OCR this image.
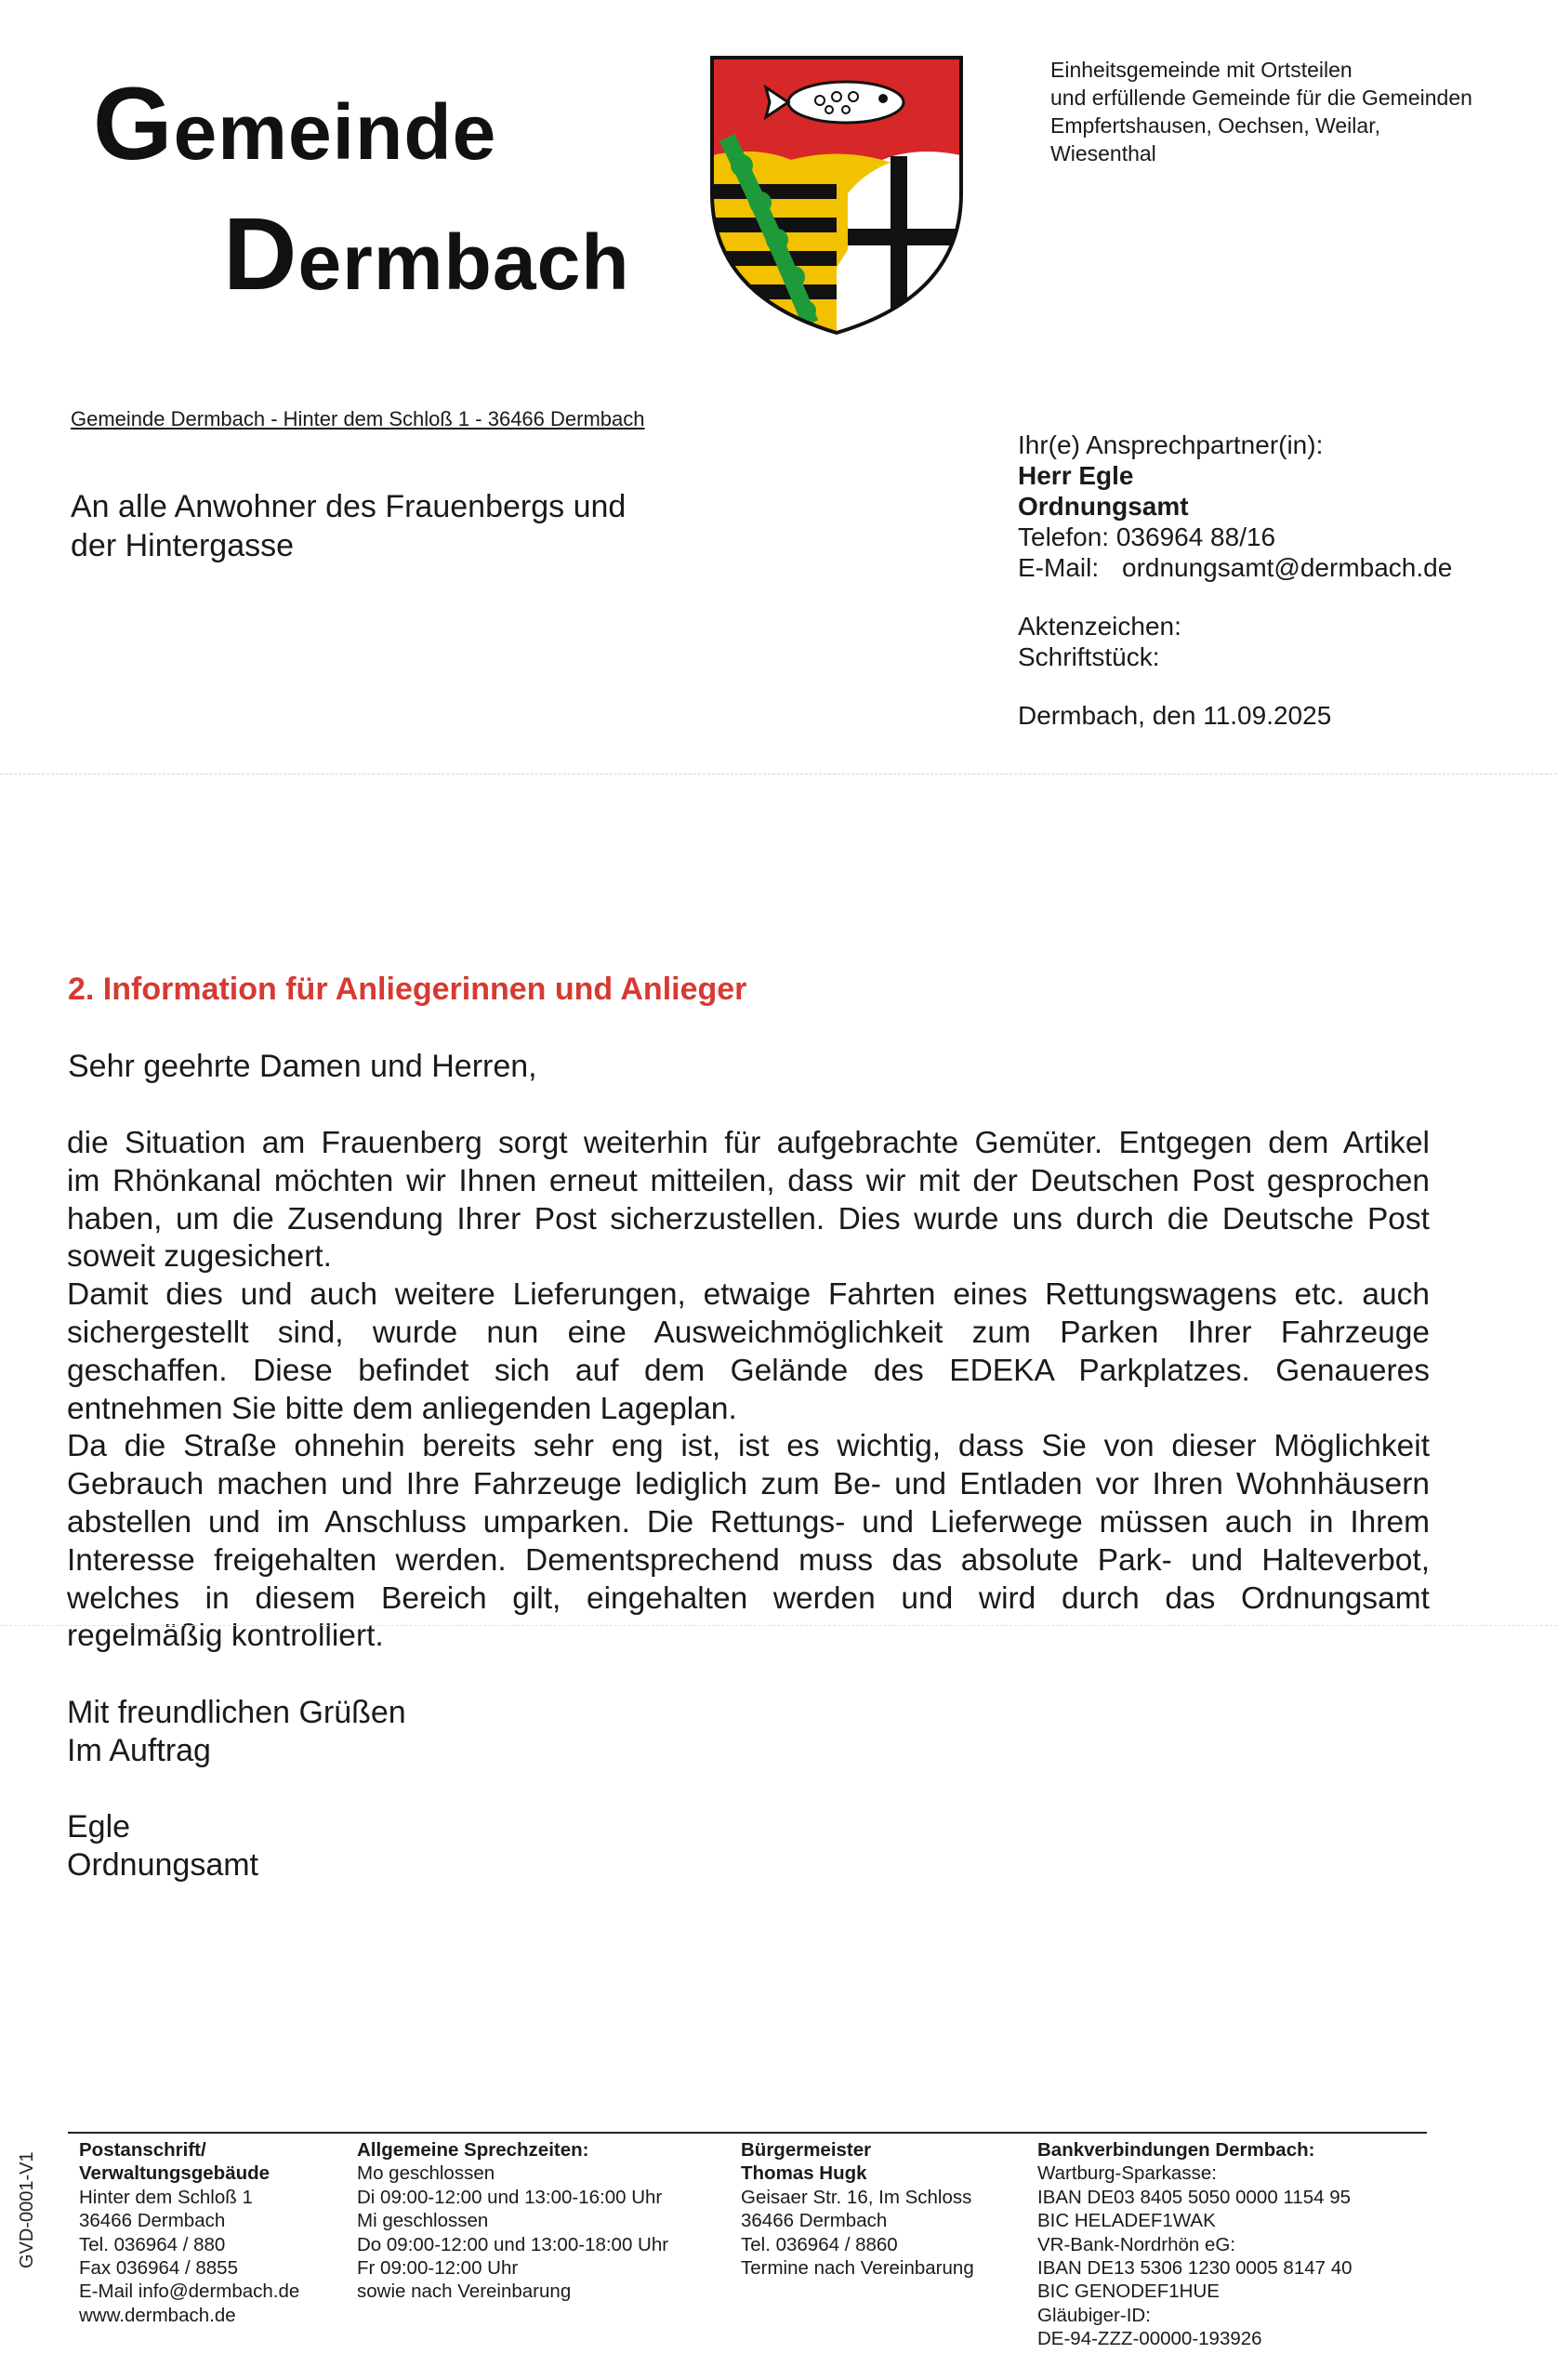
Gemeinde
Dermbach
Einheitsgemeinde mit Ortsteilen
und erfüllende Gemeinde für die Gemeinden
Empfertshausen, Oechsen, Weilar,
Wiesenthal
Gemeinde Dermbach - Hinter dem Schloß 1 - 36466 Dermbach
An alle Anwohner des Frauenbergs und
der Hintergasse
Ihr(e) Ansprechpartner(in):
Herr Egle
Ordnungsamt
Telefon: 036964 88/16
E-Mail: ordnungsamt@dermbach.de
Aktenzeichen:
Schriftstück:
Dermbach, den 11.09.2025
2. Information für Anliegerinnen und Anlieger
Sehr geehrte Damen und Herren,
die Situation am Frauenberg sorgt weiterhin für aufgebrachte Gemüter. Entgegen dem Artikel
im Rhönkanal möchten wir Ihnen erneut mitteilen, dass wir mit der Deutschen Post gesprochen
haben, um die Zusendung Ihrer Post sicherzustellen. Dies wurde uns durch die Deutsche Post
soweit zugesichert.
Damit dies und auch weitere Lieferungen, etwaige Fahrten eines Rettungswagens etc. auch
sichergestellt sind, wurde nun eine Ausweichmöglichkeit zum Parken Ihrer Fahrzeuge
geschaffen. Diese befindet sich auf dem Gelände des EDEKA Parkplatzes. Genaueres
entnehmen Sie bitte dem anliegenden Lageplan.
Da die Straße ohnehin bereits sehr eng ist, ist es wichtig, dass Sie von dieser Möglichkeit
Gebrauch machen und Ihre Fahrzeuge lediglich zum Be- und Entladen vor Ihren Wohnhäusern
abstellen und im Anschluss umparken. Die Rettungs- und Lieferwege müssen auch in Ihrem
Interesse freigehalten werden. Dementsprechend muss das absolute Park- und Halteverbot,
welches in diesem Bereich gilt, eingehalten werden und wird durch das Ordnungsamt
regelmäßig kontrolliert.
Mit freundlichen Grüßen
Im Auftrag
Egle
Ordnungsamt
Postanschrift/
Verwaltungsgebäude
Hinter dem Schloß 1
36466 Dermbach
Tel. 036964 / 880
Fax 036964 / 8855
E-Mail info@dermbach.de
www.dermbach.de
Allgemeine Sprechzeiten:
Mo geschlossen
Di 09:00-12:00 und 13:00-16:00 Uhr
Mi geschlossen
Do 09:00-12:00 und 13:00-18:00 Uhr
Fr 09:00-12:00 Uhr
sowie nach Vereinbarung
Bürgermeister
Thomas Hugk
Geisaer Str. 16, Im Schloss
36466 Dermbach
Tel. 036964 / 8860
Termine nach Vereinbarung
Bankverbindungen Dermbach:
Wartburg-Sparkasse:
IBAN DE03 8405 5050 0000 1154 95
BIC HELADEF1WAK
VR-Bank-Nordrhön eG:
IBAN DE13 5306 1230 0005 8147 40
BIC GENODEF1HUE
Gläubiger-ID:
DE-94-ZZZ-00000-193926
GVD-0001-V1
